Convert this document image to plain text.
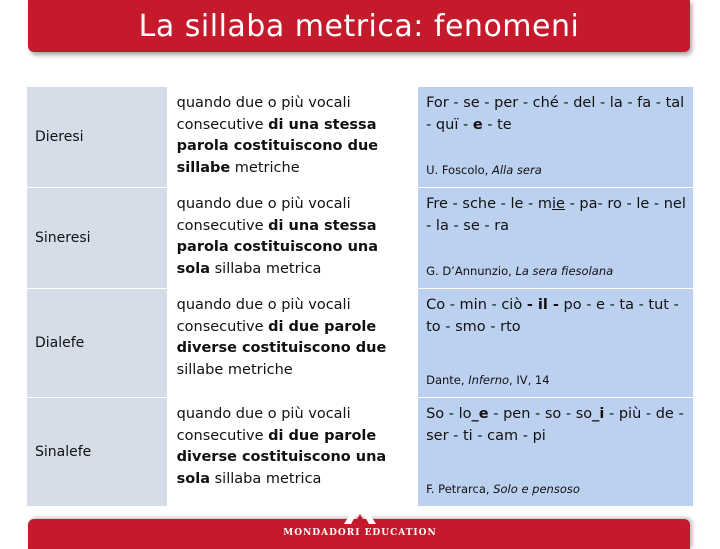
La sillaba metrica: fenomeni
Dieresi	quando due o più vocali consecutive di una stessa parola costituiscono due sillabe metriche	For - se - per - ché - del - la - fa - tal - quï - e - te
U. Foscolo, Alla sera

Sineresi	quando due o più vocali consecutive di una stessa parola costituiscono una sola sillaba metrica	Fre - sche - le - mie - pa- ro - le - nel - la - se - ra
G. D’Annunzio, La sera fiesolana

Dialefe	quando due o più vocali consecutive di due parole diverse costituiscono due sillabe metriche	Co - min - ciò - il - po - e - ta - tut - to - smo - rto
Dante, Inferno, IV, 14

Sinalefe	quando due o più vocali consecutive di due parole diverse costituiscono una sola sillaba metrica	So - lo_e - pen - so - so_i - più - de - ser - ti - cam - pi
F. Petrarca, Solo e pensoso
MONDADORI EDUCATION
